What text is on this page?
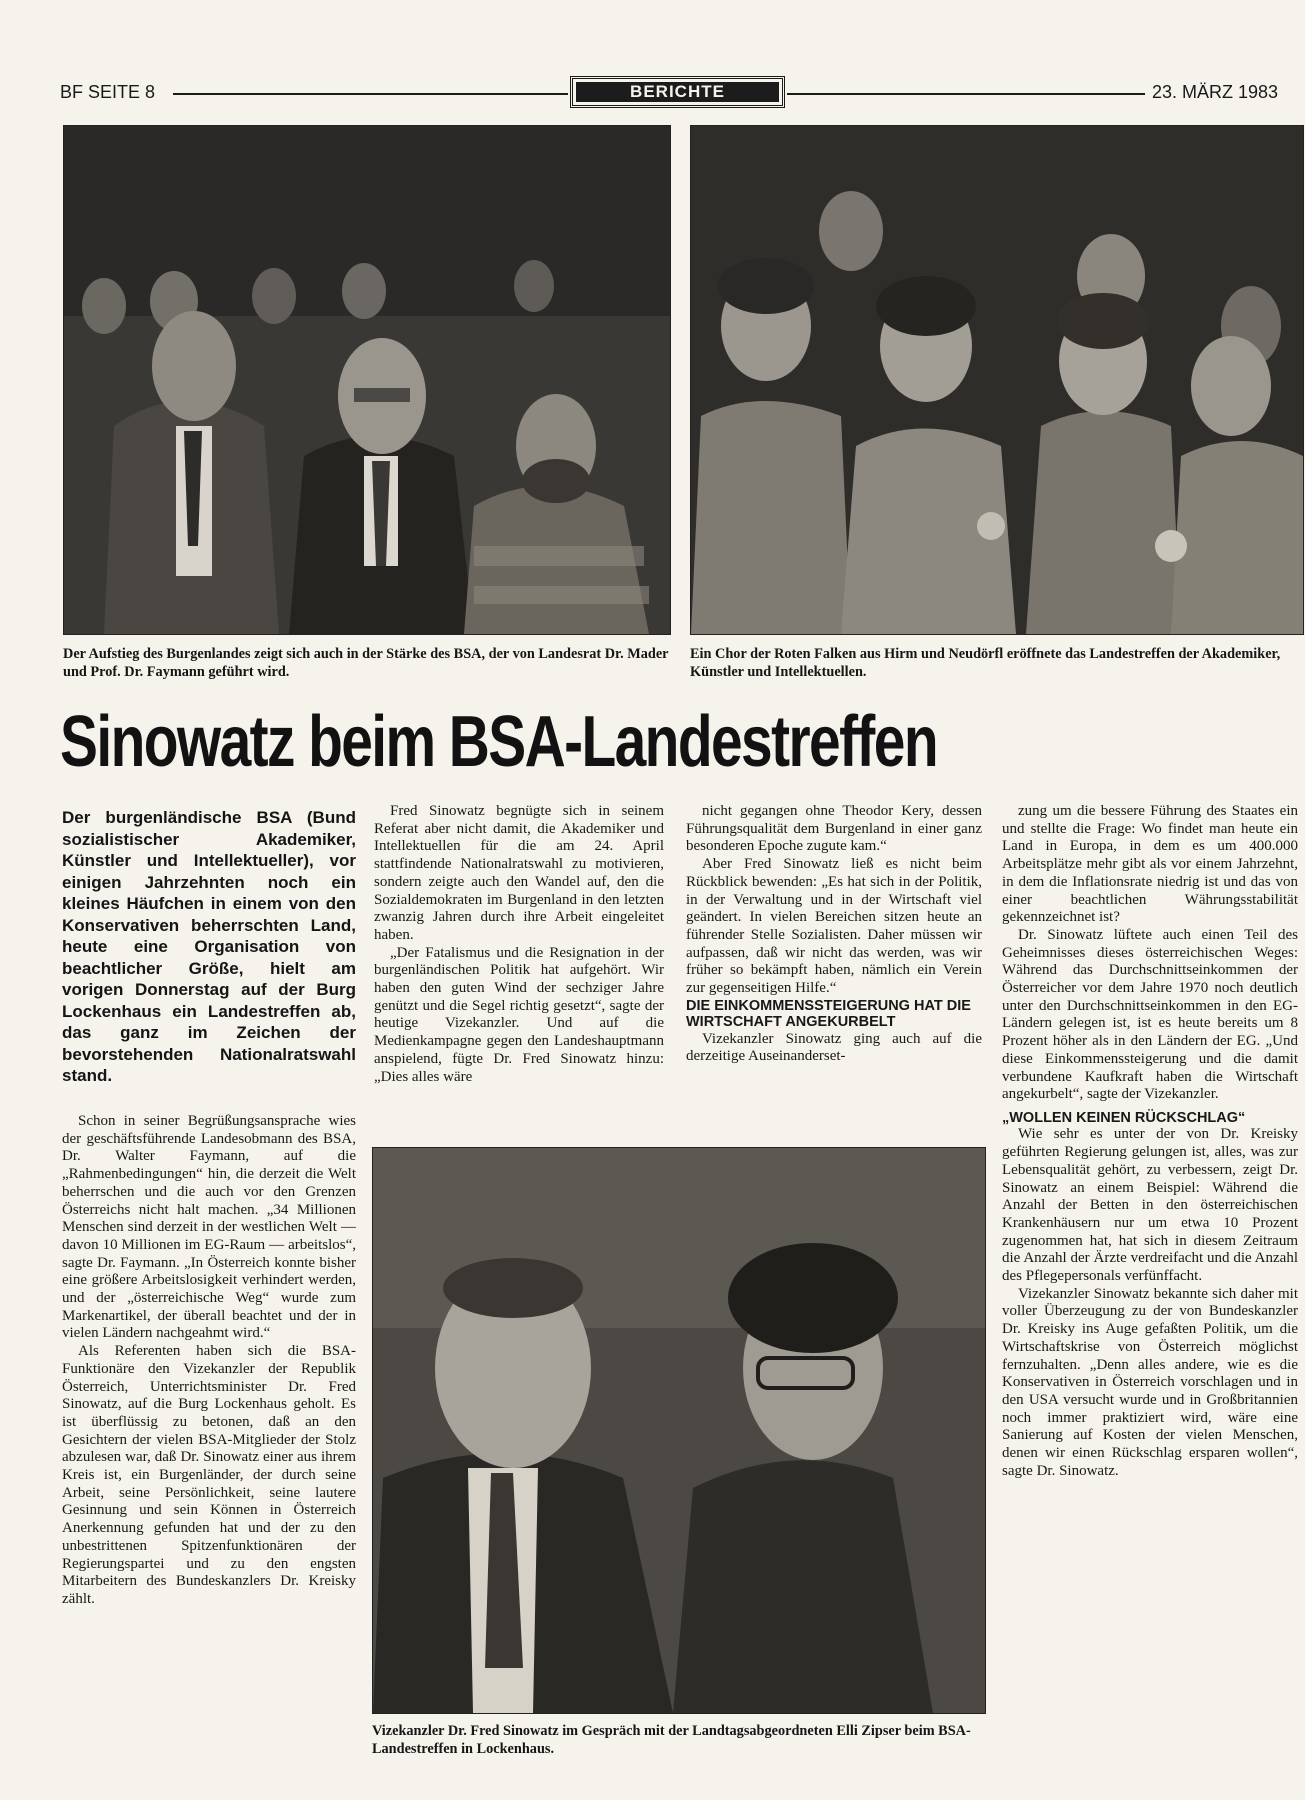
BF SEITE 8	BERICHTE	23. MÄRZ 1983
Der Aufstieg des Burgenlandes zeigt sich auch in der Stärke des BSA, der von Landesrat Dr. Mader und Prof. Dr. Faymann geführt wird.
Ein Chor der Roten Falken aus Hirm und Neudörfl eröffnete das Landestreffen der Akademiker, Künstler und Intellektuellen.
Sinowatz beim BSA-Landestreffen
Der burgenländische BSA (Bund sozialistischer Akademiker, Künstler und Intellektueller), vor einigen Jahrzehnten noch ein kleines Häufchen in einem von den Konservativen beherrschten Land, heute eine Organisation von beachtlicher Größe, hielt am vorigen Donnerstag auf der Burg Lockenhaus ein Landestreffen ab, das ganz im Zeichen der bevorstehenden Nationalratswahl stand.

Schon in seiner Begrüßungsansprache wies der geschäftsführende Landesobmann des BSA, Dr. Walter Faymann, auf die „Rahmenbedingungen“ hin, die derzeit die Welt beherrschen und die auch vor den Grenzen Österreichs nicht halt machen. „34 Millionen Menschen sind derzeit in der westlichen Welt — davon 10 Millionen im EG-Raum — arbeitslos“, sagte Dr. Faymann. „In Österreich konnte bisher eine größere Arbeitslosigkeit verhindert werden, und der „österreichische Weg“ wurde zum Markenartikel, der überall beachtet und der in vielen Ländern nachgeahmt wird.“

Als Referenten haben sich die BSA-Funktionäre den Vizekanzler der Republik Österreich, Unterrichtsminister Dr. Fred Sinowatz, auf die Burg Lockenhaus geholt. Es ist überflüssig zu betonen, daß an den Gesichtern der vielen BSA-Mitglieder der Stolz abzulesen war, daß Dr. Sinowatz einer aus ihrem Kreis ist, ein Burgenländer, der durch seine Arbeit, seine Persönlichkeit, seine lautere Gesinnung und sein Können in Österreich Anerkennung gefunden hat und der zu den unbestrittenen Spitzenfunktionären der Regierungspartei und zu den engsten Mitarbeitern des Bundeskanzlers Dr. Kreisky zählt.

Fred Sinowatz begnügte sich in seinem Referat aber nicht damit, die Akademiker und Intellektuellen für die am 24. April stattfindende Nationalratswahl zu motivieren, sondern zeigte auch den Wandel auf, den die Sozialdemokraten im Burgenland in den letzten zwanzig Jahren durch ihre Arbeit eingeleitet haben.

„Der Fatalismus und die Resignation in der burgenländischen Politik hat aufgehört. Wir haben den guten Wind der sechziger Jahre genützt und die Segel richtig gesetzt“, sagte der heutige Vizekanzler. Und auf die Medienkampagne gegen den Landeshauptmann anspielend, fügte Dr. Fred Sinowatz hinzu: „Dies alles wäre

nicht gegangen ohne Theodor Kery, dessen Führungsqualität dem Burgenland in einer ganz besonderen Epoche zugute kam.“

Aber Fred Sinowatz ließ es nicht beim Rückblick bewenden: „Es hat sich in der Politik, in der Verwaltung und in der Wirtschaft viel geändert. In vielen Bereichen sitzen heute an führender Stelle Sozialisten. Daher müssen wir aufpassen, daß wir nicht das werden, was wir früher so bekämpft haben, nämlich ein Verein zur gegenseitigen Hilfe.“

DIE EINKOMMENSSTEIGERUNG HAT DIE WIRTSCHAFT ANGEKURBELT

Vizekanzler Sinowatz ging auch auf die derzeitige Auseinanderset-

Vizekanzler Dr. Fred Sinowatz im Gespräch mit der Landtagsabgeordneten Elli Zipser beim BSA-Landestreffen in Lockenhaus.

zung um die bessere Führung des Staates ein und stellte die Frage: Wo findet man heute ein Land in Europa, in dem es um 400.000 Arbeitsplätze mehr gibt als vor einem Jahrzehnt, in dem die Inflationsrate niedrig ist und das von einer beachtlichen Währungsstabilität gekennzeichnet ist?

Dr. Sinowatz lüftete auch einen Teil des Geheimnisses dieses österreichischen Weges: Während das Durchschnittseinkommen der Österreicher vor dem Jahre 1970 noch deutlich unter den Durchschnittseinkommen in den EG-Ländern gelegen ist, ist es heute bereits um 8 Prozent höher als in den Ländern der EG. „Und diese Einkommenssteigerung und die damit verbundene Kaufkraft haben die Wirtschaft angekurbelt“, sagte der Vizekanzler.

„WOLLEN KEINEN RÜCKSCHLAG“

Wie sehr es unter der von Dr. Kreisky geführten Regierung gelungen ist, alles, was zur Lebensqualität gehört, zu verbessern, zeigt Dr. Sinowatz an einem Beispiel: Während die Anzahl der Betten in den österreichischen Krankenhäusern nur um etwa 10 Prozent zugenommen hat, hat sich in diesem Zeitraum die Anzahl der Ärzte verdreifacht und die Anzahl des Pflegepersonals verfünffacht.

Vizekanzler Sinowatz bekannte sich daher mit voller Überzeugung zu der von Bundeskanzler Dr. Kreisky ins Auge gefaßten Politik, um die Wirtschaftskrise von Österreich möglichst fernzuhalten. „Denn alles andere, wie es die Konservativen in Österreich vorschlagen und in den USA versucht wurde und in Großbritannien noch immer praktiziert wird, wäre eine Sanierung auf Kosten der vielen Menschen, denen wir einen Rückschlag ersparen wollen“, sagte Dr. Sinowatz.
